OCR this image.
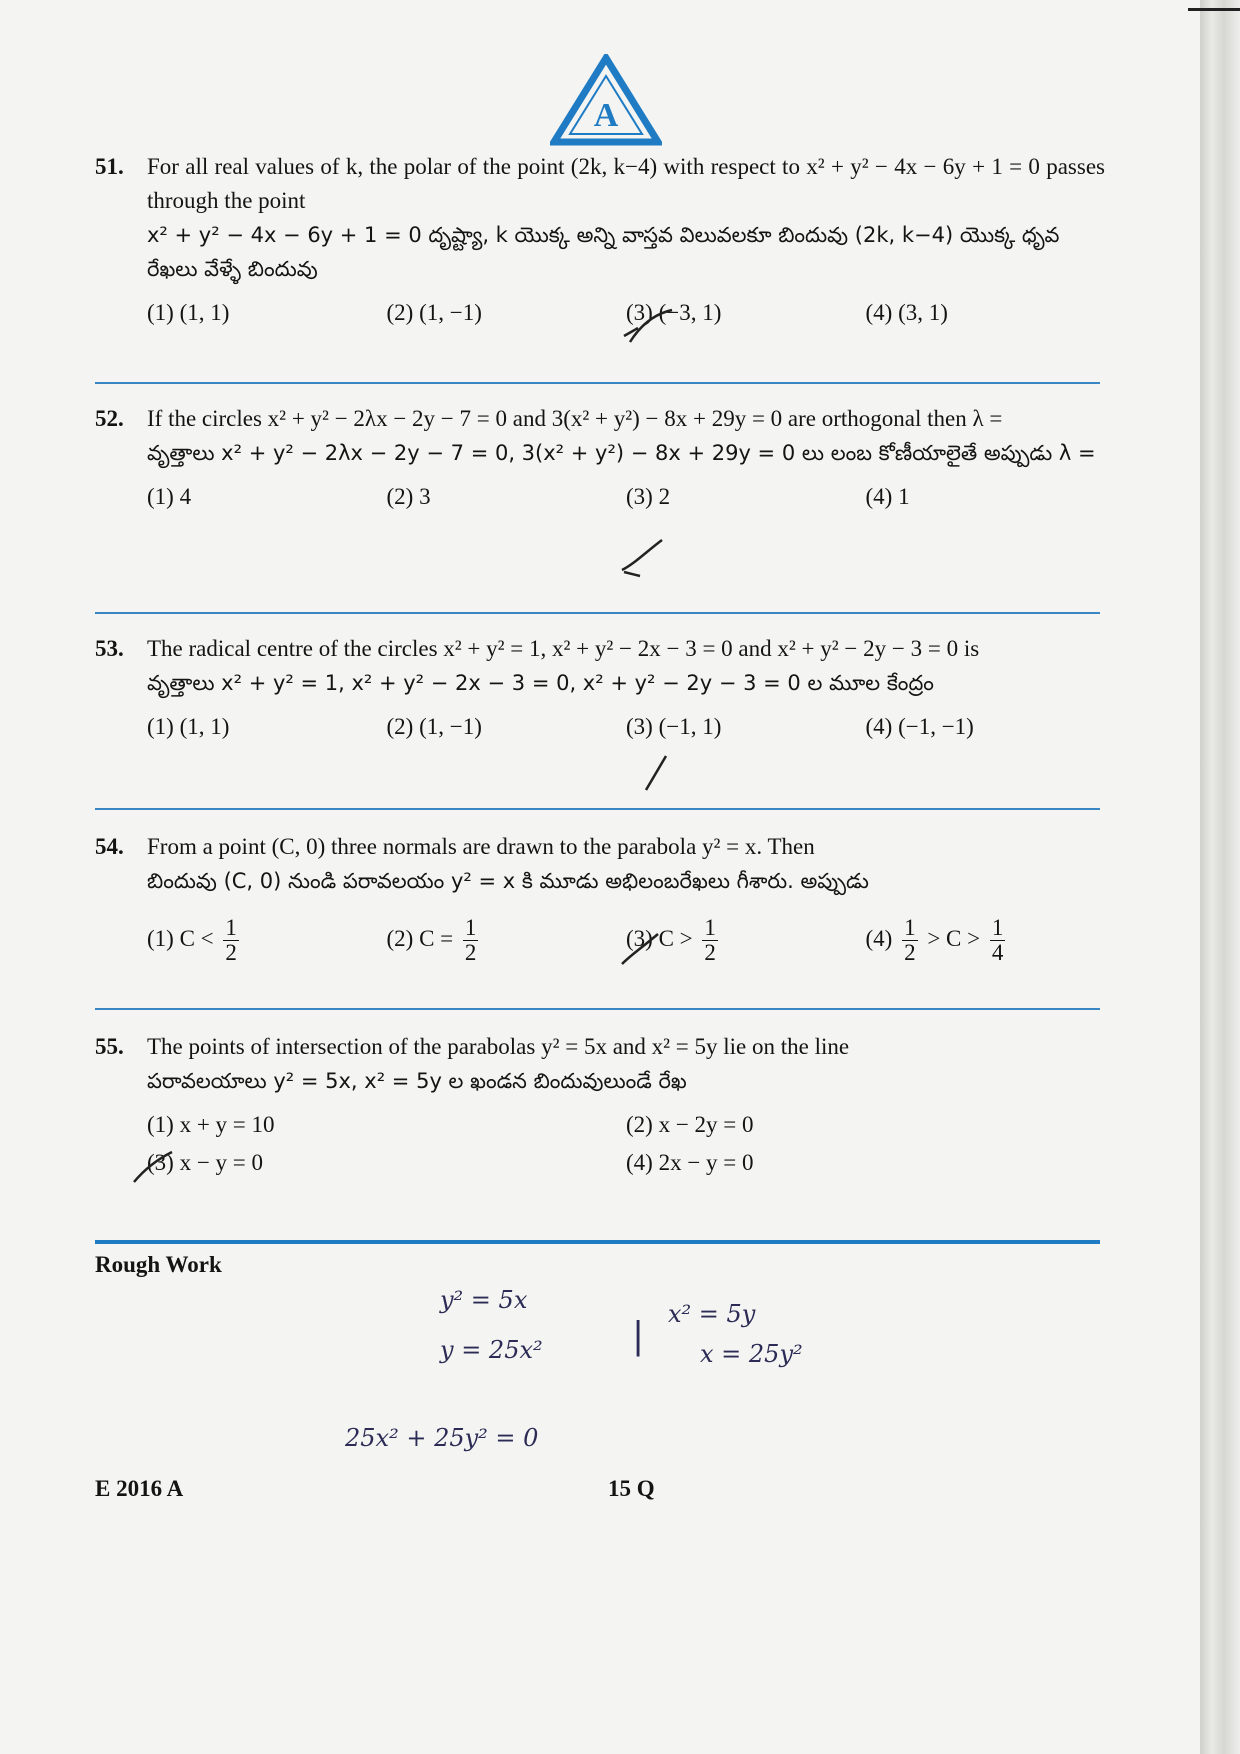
A
51. For all real values of k, the polar of the point (2k, k−4) with respect to x² + y² − 4x − 6y + 1 = 0 passes through the point

x² + y² − 4x − 6y + 1 = 0 దృష్ట్యా, k యొక్క అన్ని వాస్తవ విలువలకూ బిందువు (2k, k−4) యొక్క ధృవ రేఖలు వేళ్ళే బిందువు

(1) (1, 1)	(2) (1, −1)	(3) (−3, 1)	(4) (3, 1)
52. If the circles x² + y² − 2λx − 2y − 7 = 0 and 3(x² + y²) − 8x + 29y = 0 are orthogonal then λ =

వృత్తాలు x² + y² − 2λx − 2y − 7 = 0, 3(x² + y²) − 8x + 29y = 0 లు లంబ కోణీయాలైతే అప్పుడు λ =

(1) 4	(2) 3	(3) 2	(4) 1
53. The radical centre of the circles x² + y² = 1, x² + y² − 2x − 3 = 0 and x² + y² − 2y − 3 = 0 is

వృత్తాలు x² + y² = 1, x² + y² − 2x − 3 = 0, x² + y² − 2y − 3 = 0 ల మూల కేంద్రం

(1) (1, 1)	(2) (1, −1)	(3) (−1, 1)	(4) (−1, −1)
54. From a point (C, 0) three normals are drawn to the parabola y² = x. Then

బిందువు (C, 0) నుండి పరావలయం y² = x కి మూడు అభిలంబరేఖలు గీశారు. అప్పుడు

(1) $C < \frac{1}{2}$	(2) $C = \frac{1}{2}$	(3) $C > \frac{1}{2}$	$(4) \frac{1}{2} > C > \frac{1}{4}$
55. The points of intersection of the parabolas y² = 5x and x² = 5y lie on the line

పరావలయాలు y² = 5x, x² = 5y ల ఖండన బిందువులుండే రేఖ

(1) x + y = 10	(2) x − 2y = 0
(3) x − y = 0	(4) 2x − y = 0
Rough Work
y² = 5x
y = 25x² |
x² = 5y
x = 25y²
25x² + 25y² = 0
E 2016 A	15 Q
